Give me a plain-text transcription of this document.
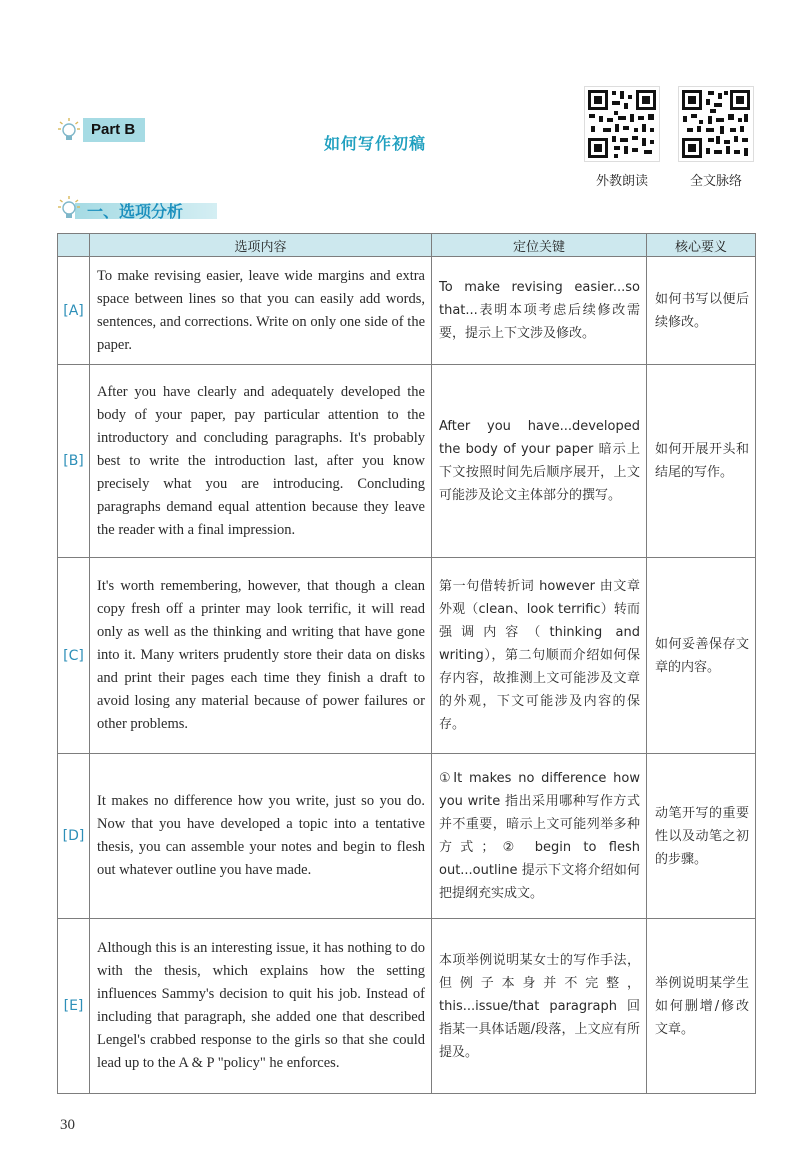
Part B
如何写作初稿
外教朗读	全文脉络
一、选项分析
	选项内容	定位关键	核心要义
[A]	To make revising easier, leave wide margins and extra space between lines so that you can easily add words, sentences, and corrections. Write on only one side of the paper.	To make revising easier...so that...表明本项考虑后续修改需要，提示上下文涉及修改。	如何书写以便后续修改。
[B]	After you have clearly and adequately developed the body of your paper, pay particular attention to the introductory and concluding paragraphs. It's probably best to write the introduction last, after you know precisely what you are introducing. Concluding paragraphs demand equal attention because they leave the reader with a final impression.	After you have...developed the body of your paper 暗示上下文按照时间先后顺序展开，上文可能涉及论文主体部分的撰写。	如何开展开头和结尾的写作。
[C]	It's worth remembering, however, that though a clean copy fresh off a printer may look terrific, it will read only as well as the thinking and writing that have gone into it. Many writers prudently store their data on disks and print their pages each time they finish a draft to avoid losing any material because of power failures or other problems.	第一句借转折词 however 由文章外观（clean、look terrific）转而强调内容（thinking and writing），第二句顺而介绍如何保存内容，故推测上文可能涉及文章的外观，下文可能涉及内容的保存。	如何妥善保存文章的内容。
[D]	It makes no difference how you write, just so you do. Now that you have developed a topic into a tentative thesis, you can assemble your notes and begin to flesh out whatever outline you have made.	①It makes no difference how you write 指出采用哪种写作方式并不重要，暗示上文可能列举多种方式；② begin to flesh out...outline 提示下文将介绍如何把提纲充实成文。	动笔开写的重要性以及动笔之初的步骤。
[E]	Although this is an interesting issue, it has nothing to do with the thesis, which explains how the setting influences Sammy's decision to quit his job. Instead of including that paragraph, she added one that described Lengel's crabbed response to the girls so that she could lead up to the A & P "policy" he enforces.	本项举例说明某女士的写作手法，但例子本身并不完整，this...issue/that paragraph 回指某一具体话题/段落，上文应有所提及。	举例说明某学生如何删增/修改文章。
30
